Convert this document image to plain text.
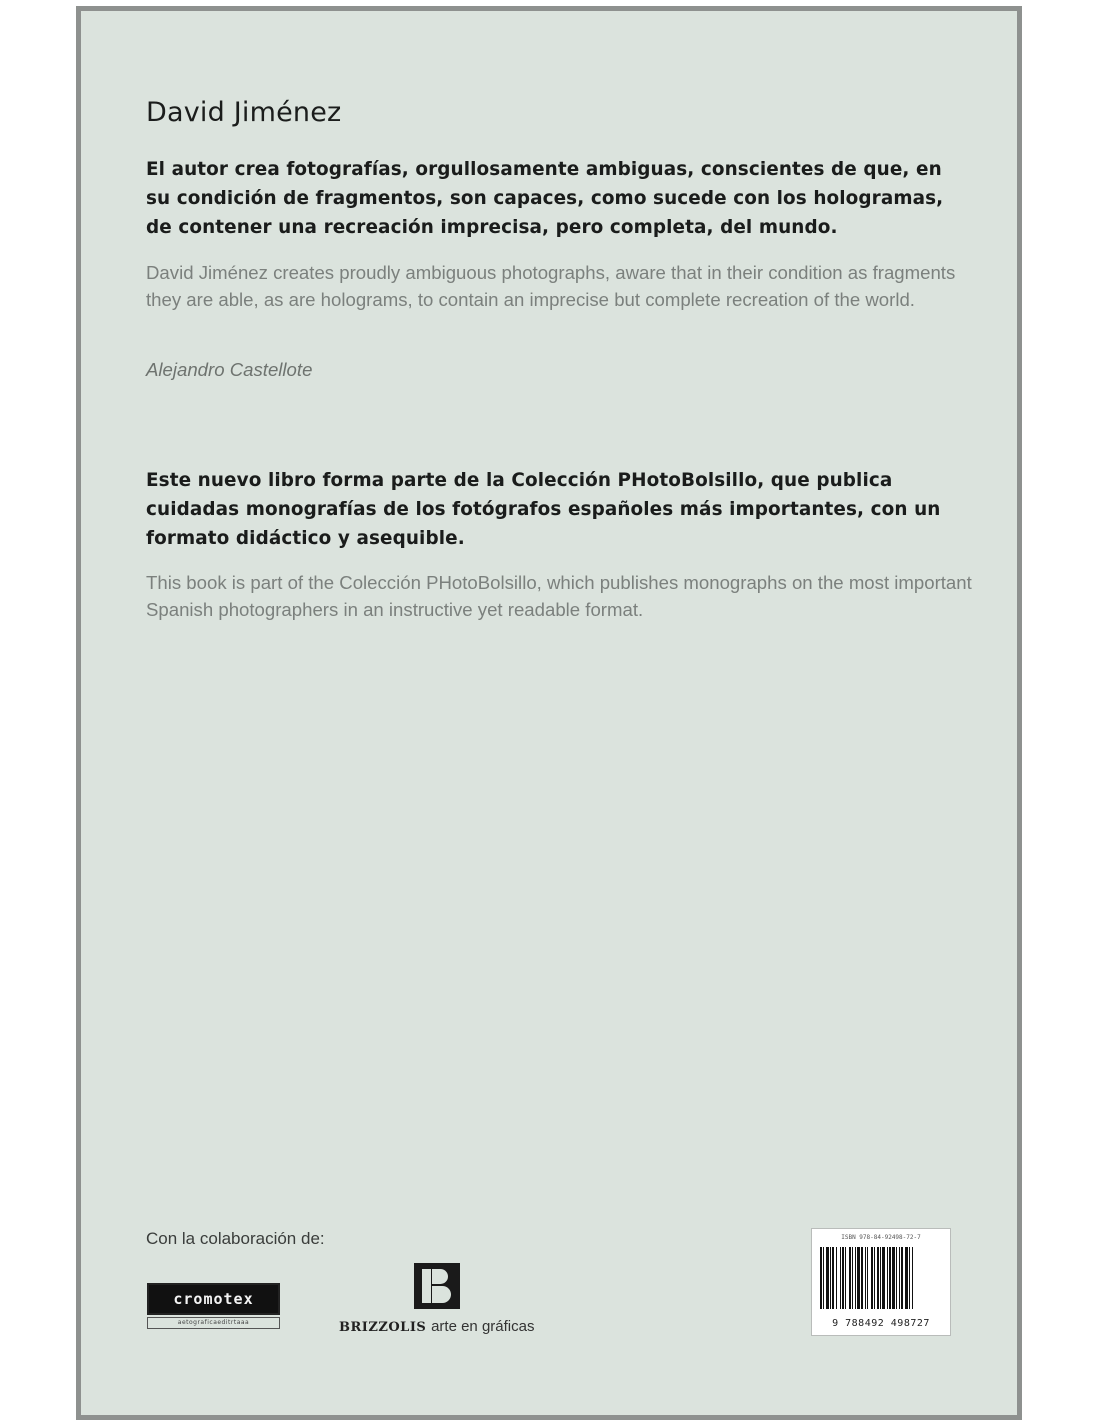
David Jiménez
El autor crea fotografías, orgullosamente ambiguas, conscientes de que, en su condición de fragmentos, son capaces, como sucede con los hologramas, de contener una recreación imprecisa, pero completa, del mundo.
David Jiménez creates proudly ambiguous photographs, aware that in their condition as fragments they are able, as are holograms, to contain an imprecise but complete recreation of the world.
Alejandro Castellote
Este nuevo libro forma parte de la Colección PHotoBolsillo, que publica cuidadas monografías de los fotógrafos españoles más importantes, con un formato didáctico y asequible.
This book is part of the Colección PHotoBolsillo, which publishes monographs on the most important Spanish photographers in an instructive yet readable format.
Con la colaboración de:
cromotex
aetograficaeditrtaaa	BRIZZOLIS arte en gráficas
ISBN 978-84-92498-72-7
9 788492 498727
